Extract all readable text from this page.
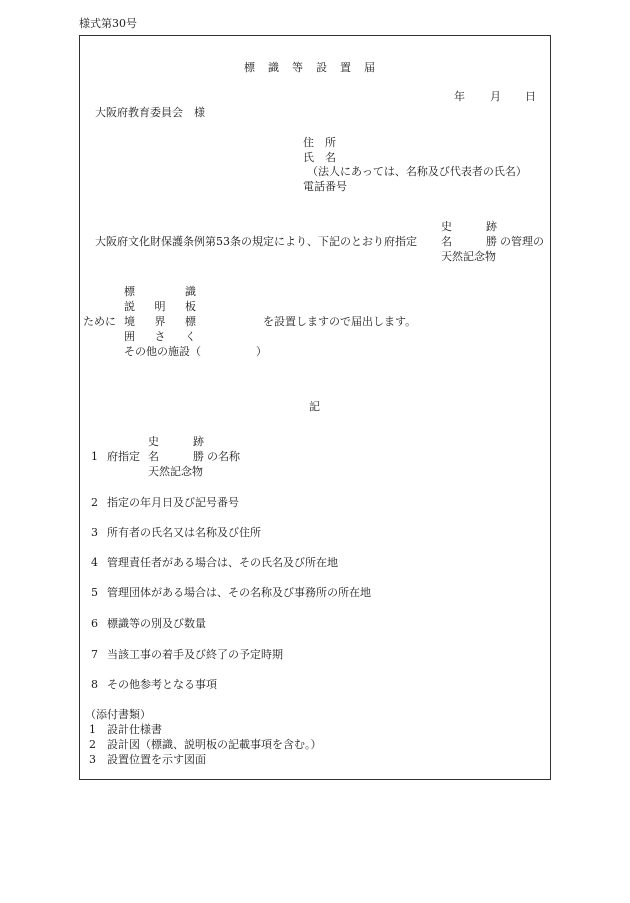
様式第30号
標　識　等　設　置　届
年 月 日
大阪府教育委員会　様
住　所
氏　名
（法人にあっては、名称及び代表者の氏名）
電話番号
史	跡
大阪府文化財保護条例第53条の規定により、下記のとおり府指定 名	勝 の管理の
天然記念物
標	識
説 明 板
ために 境 界 標	を設置しますので届出します。
囲 さ く
その他の施設（　　　　　）
記
史	跡
1 府指定 名	勝 の名称
天然記念物
2 指定の年月日及び記号番号
3 所有者の氏名又は名称及び住所
4 管理責任者がある場合は、その氏名及び所在地
5 管理団体がある場合は、その名称及び事務所の所在地
6 標識等の別及び数量
7 当該工事の着手及び終了の予定時期
8 その他参考となる事項
（添付書類）
1 設計仕様書
2 設計図（標識、説明板の記載事項を含む。）
3 設置位置を示す図面
